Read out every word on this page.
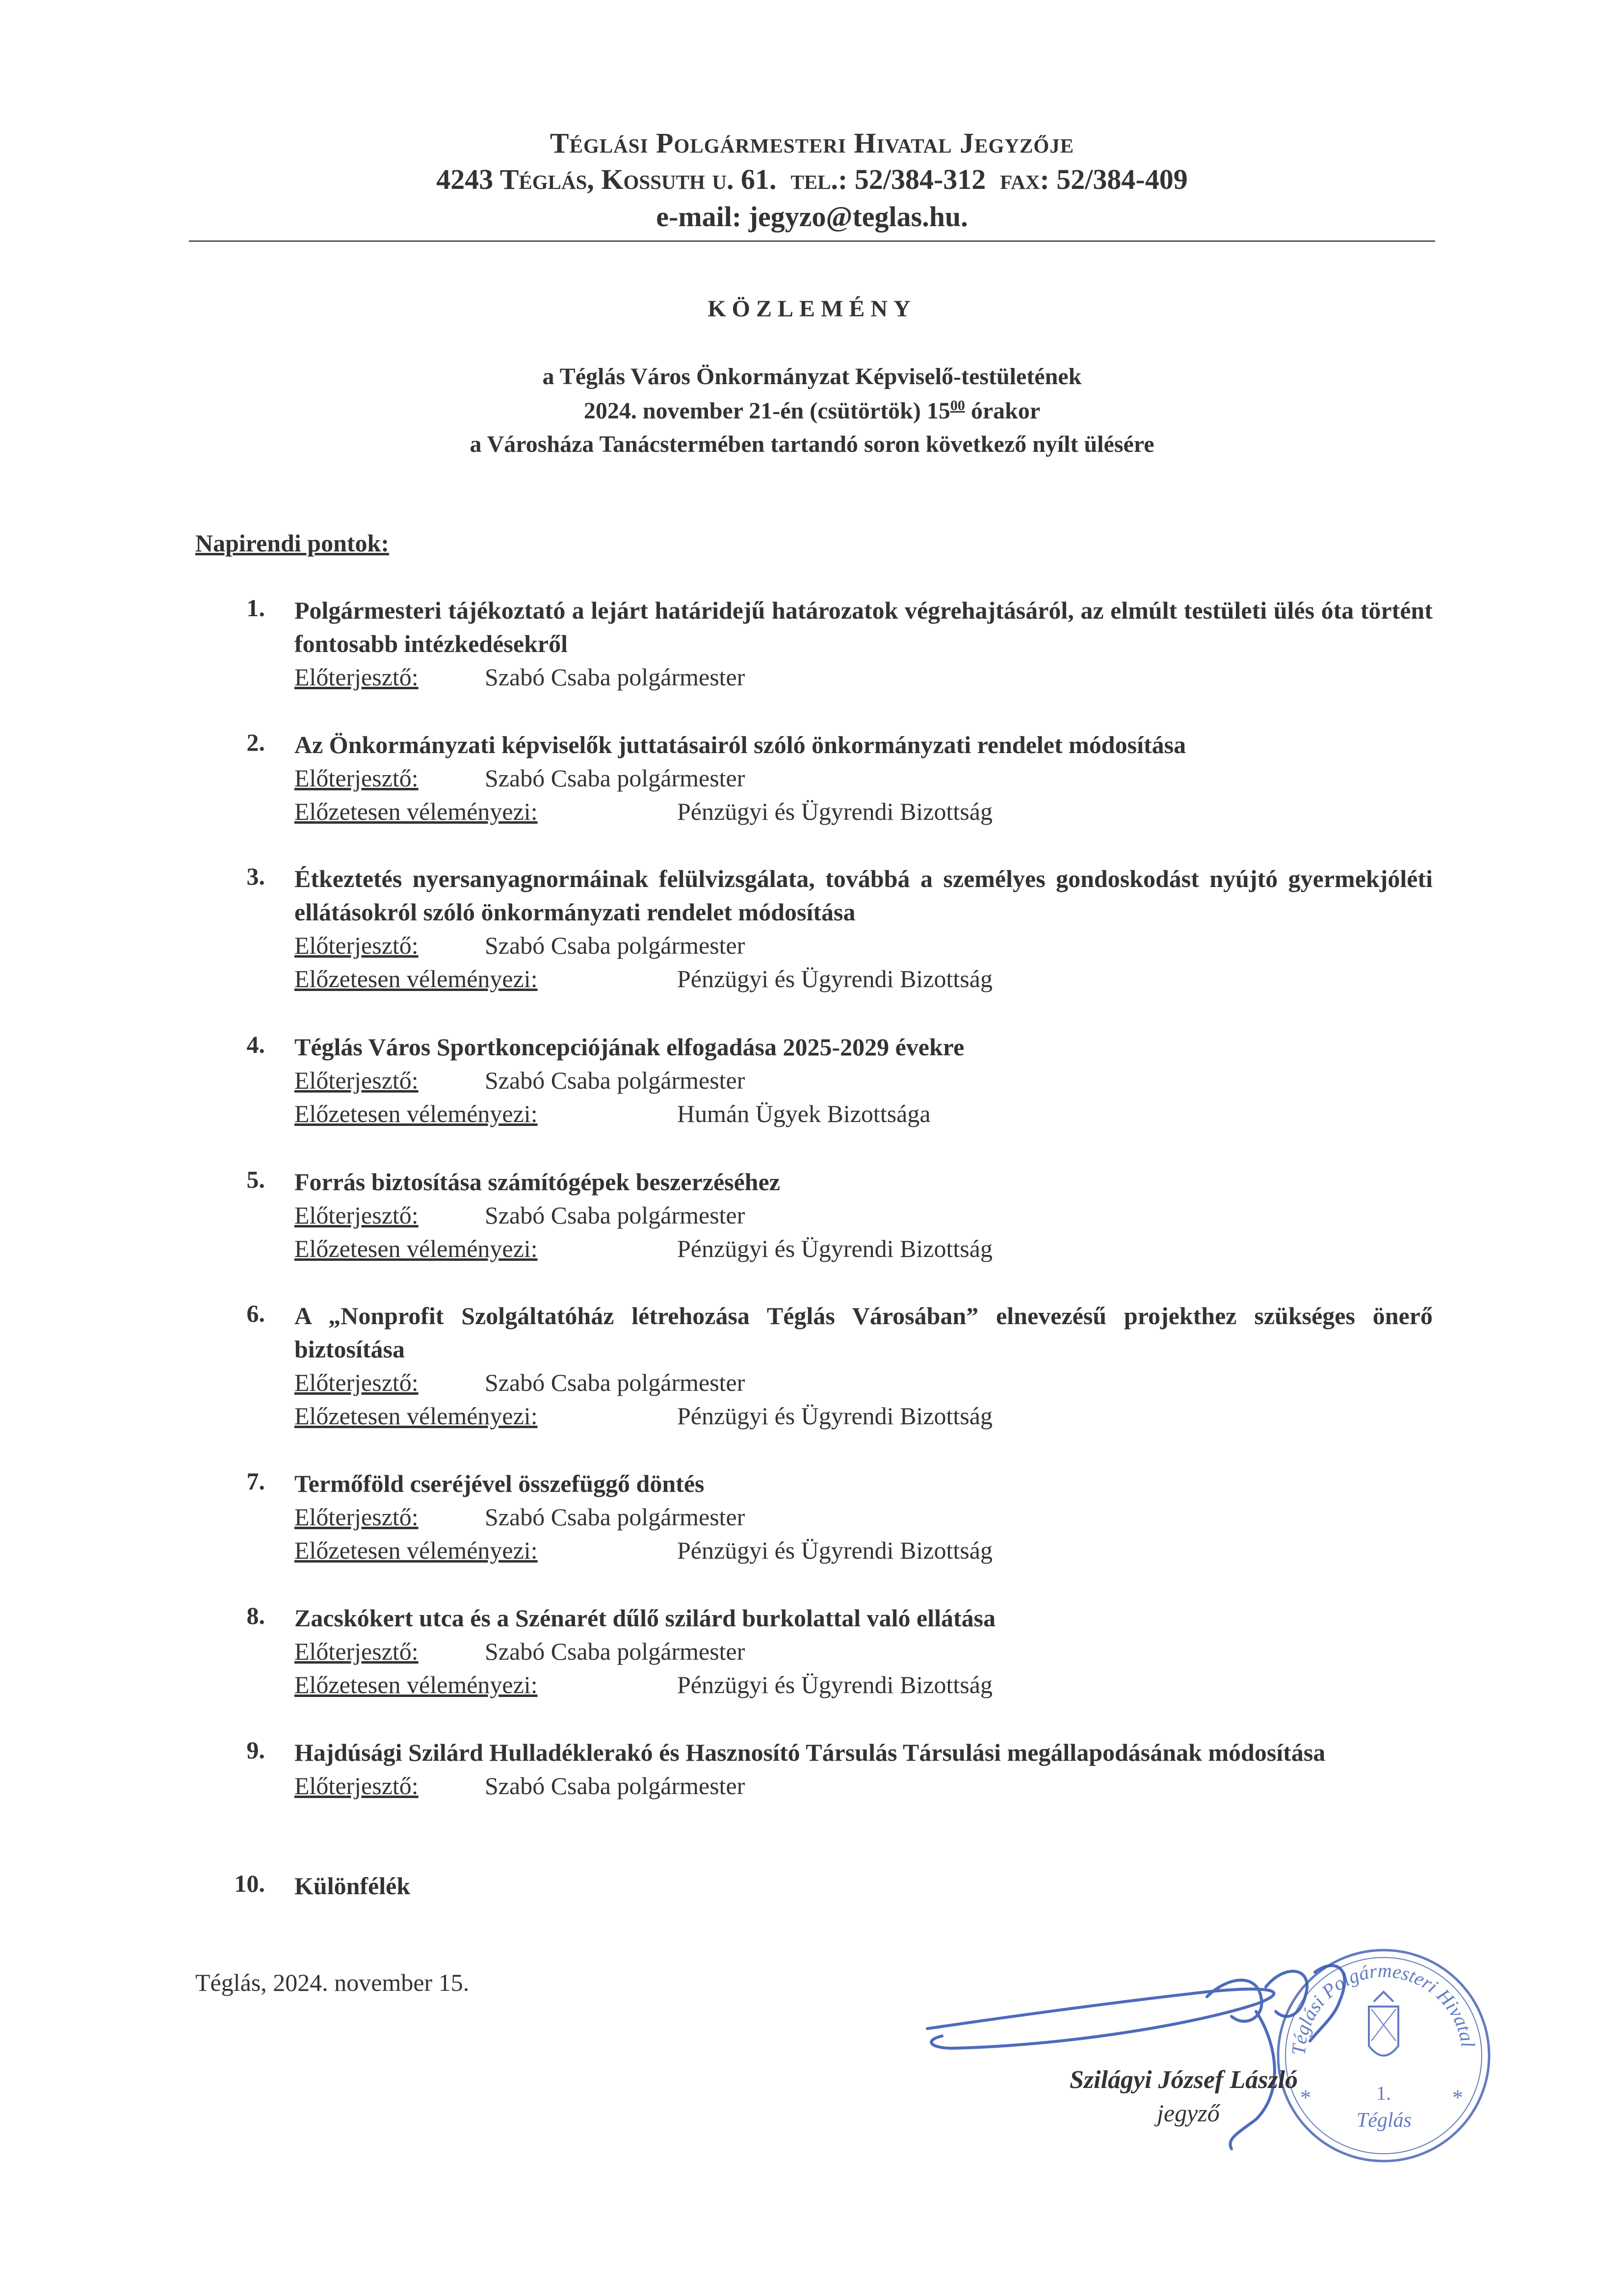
Téglási Polgármesteri Hivatal Jegyzője
4243 Téglás, Kossuth u. 61. tel.: 52/384-312 fax: 52/384-409
e-mail: jegyzo@teglas.hu.
KÖZLEMÉNY
a Téglás Város Önkormányzat Képviselő-testületének
2024. november 21-én (csütörtök) $15^{00}$ órakor
a Városháza Tanácstermében tartandó soron következő nyílt ülésére
Napirendi pontok:
1. Polgármesteri tájékoztató a lejárt határidejű határozatok végrehajtásáról, az elmúlt testületi ülés óta történt fontosabb intézkedésekről
Előterjesztő:	Szabó Csaba polgármester
2. Az Önkormányzati képviselők juttatásairól szóló önkormányzati rendelet módosítása
Előterjesztő:	Szabó Csaba polgármester
Előzetesen véleményezi:	Pénzügyi és Ügyrendi Bizottság
3. Étkeztetés nyersanyagnormáinak felülvizsgálata, továbbá a személyes gondoskodást nyújtó gyermekjóléti ellátásokról szóló önkormányzati rendelet módosítása
Előterjesztő:	Szabó Csaba polgármester
Előzetesen véleményezi:	Pénzügyi és Ügyrendi Bizottság
4. Téglás Város Sportkoncepciójának elfogadása 2025-2029 évekre
Előterjesztő:	Szabó Csaba polgármester
Előzetesen véleményezi:	Humán Ügyek Bizottsága
5. Forrás biztosítása számítógépek beszerzéséhez
Előterjesztő:	Szabó Csaba polgármester
Előzetesen véleményezi:	Pénzügyi és Ügyrendi Bizottság
6. A „Nonprofit Szolgáltatóház létrehozása Téglás Városában” elnevezésű projekthez szükséges önerő biztosítása
Előterjesztő:	Szabó Csaba polgármester
Előzetesen véleményezi:	Pénzügyi és Ügyrendi Bizottság
7. Termőföld cseréjével összefüggő döntés
Előterjesztő:	Szabó Csaba polgármester
Előzetesen véleményezi:	Pénzügyi és Ügyrendi Bizottság
8. Zacskókert utca és a Szénarét dűlő szilárd burkolattal való ellátása
Előterjesztő:	Szabó Csaba polgármester
Előzetesen véleményezi:	Pénzügyi és Ügyrendi Bizottság
9. Hajdúsági Szilárd Hulladéklerakó és Hasznosító Társulás Társulási megállapodásának módosítása
Előterjesztő:	Szabó Csaba polgármester
10. Különfélék
Téglás, 2024. november 15.
Téglási Polgármesteri Hivatal
*	*
1.
Téglás
Szilágyi József László
jegyző
